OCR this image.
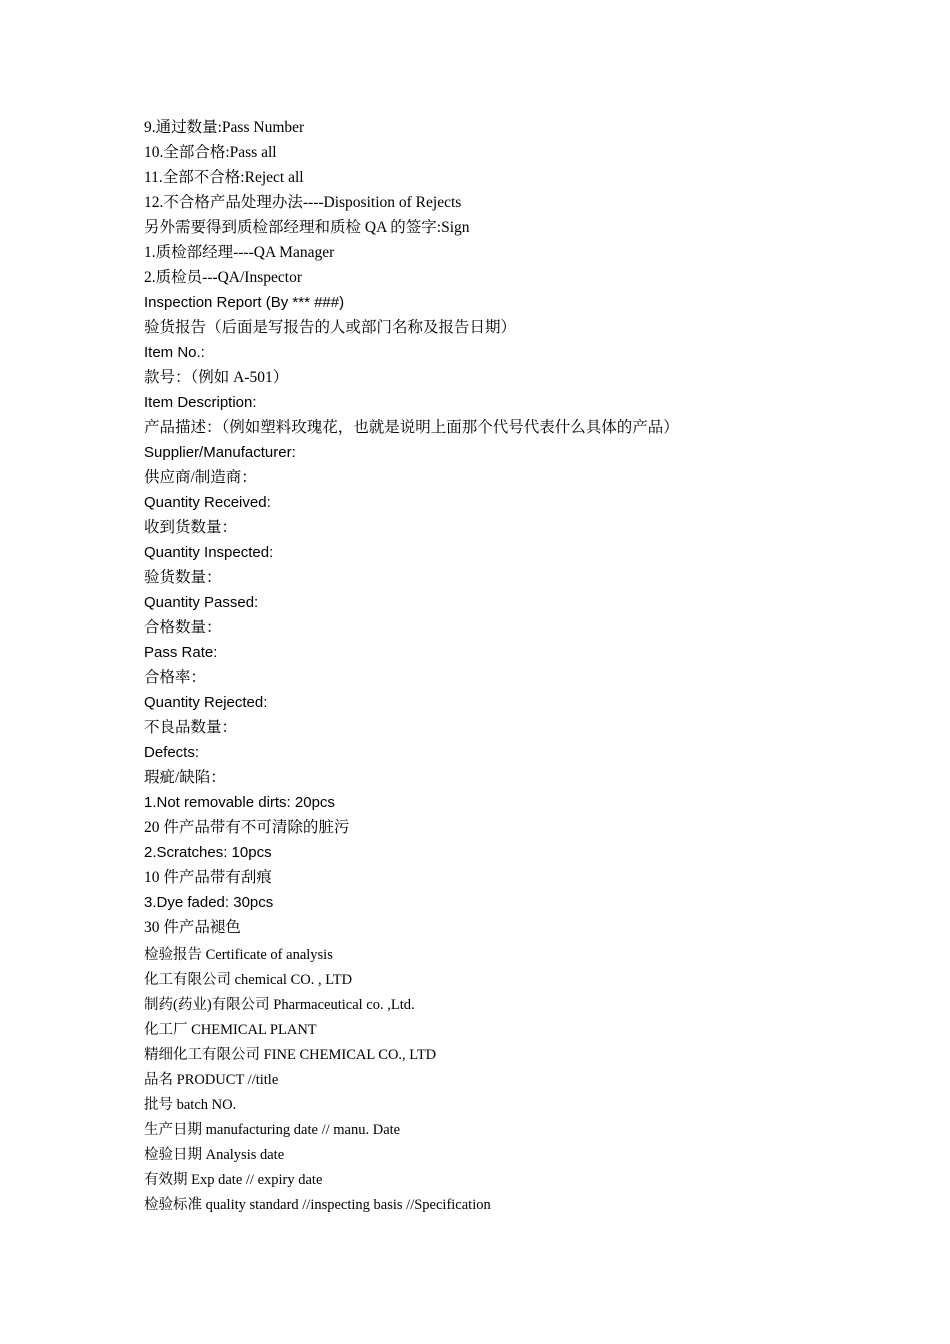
9.通过数量:Pass Number
10.全部合格:Pass all
11.全部不合格:Reject all
12.不合格产品处理办法----Disposition of Rejects
另外需要得到质检部经理和质检 QA 的签字:Sign
1.质检部经理----QA Manager
2.质检员---QA/Inspector
Inspection Report (By *** ###)
验货报告（后面是写报告的人或部门名称及报告日期）
Item No.:
款号：（例如 A-501）
Item Description:
产品描述：（例如塑料玫瑰花，也就是说明上面那个代号代表什么具体的产品）
Supplier/Manufacturer:
供应商/制造商：
Quantity Received:
收到货数量：
Quantity Inspected:
验货数量：
Quantity Passed:
合格数量：
Pass Rate:
合格率：
Quantity Rejected:
不良品数量：
Defects:
瑕疵/缺陷：
1.Not removable dirts: 20pcs
20 件产品带有不可清除的脏污
2.Scratches: 10pcs
10 件产品带有刮痕
3.Dye faded: 30pcs
30 件产品褪色
检验报告 Certificate of analysis
化工有限公司 chemical CO. , LTD
制药(药业)有限公司 Pharmaceutical co. ,Ltd.
化工厂 CHEMICAL PLANT
精细化工有限公司 FINE CHEMICAL CO., LTD
品名 PRODUCT //title
批号 batch NO.
生产日期 manufacturing date // manu. Date
检验日期 Analysis date
有效期 Exp date // expiry date
检验标准 quality standard //inspecting basis //Specification
